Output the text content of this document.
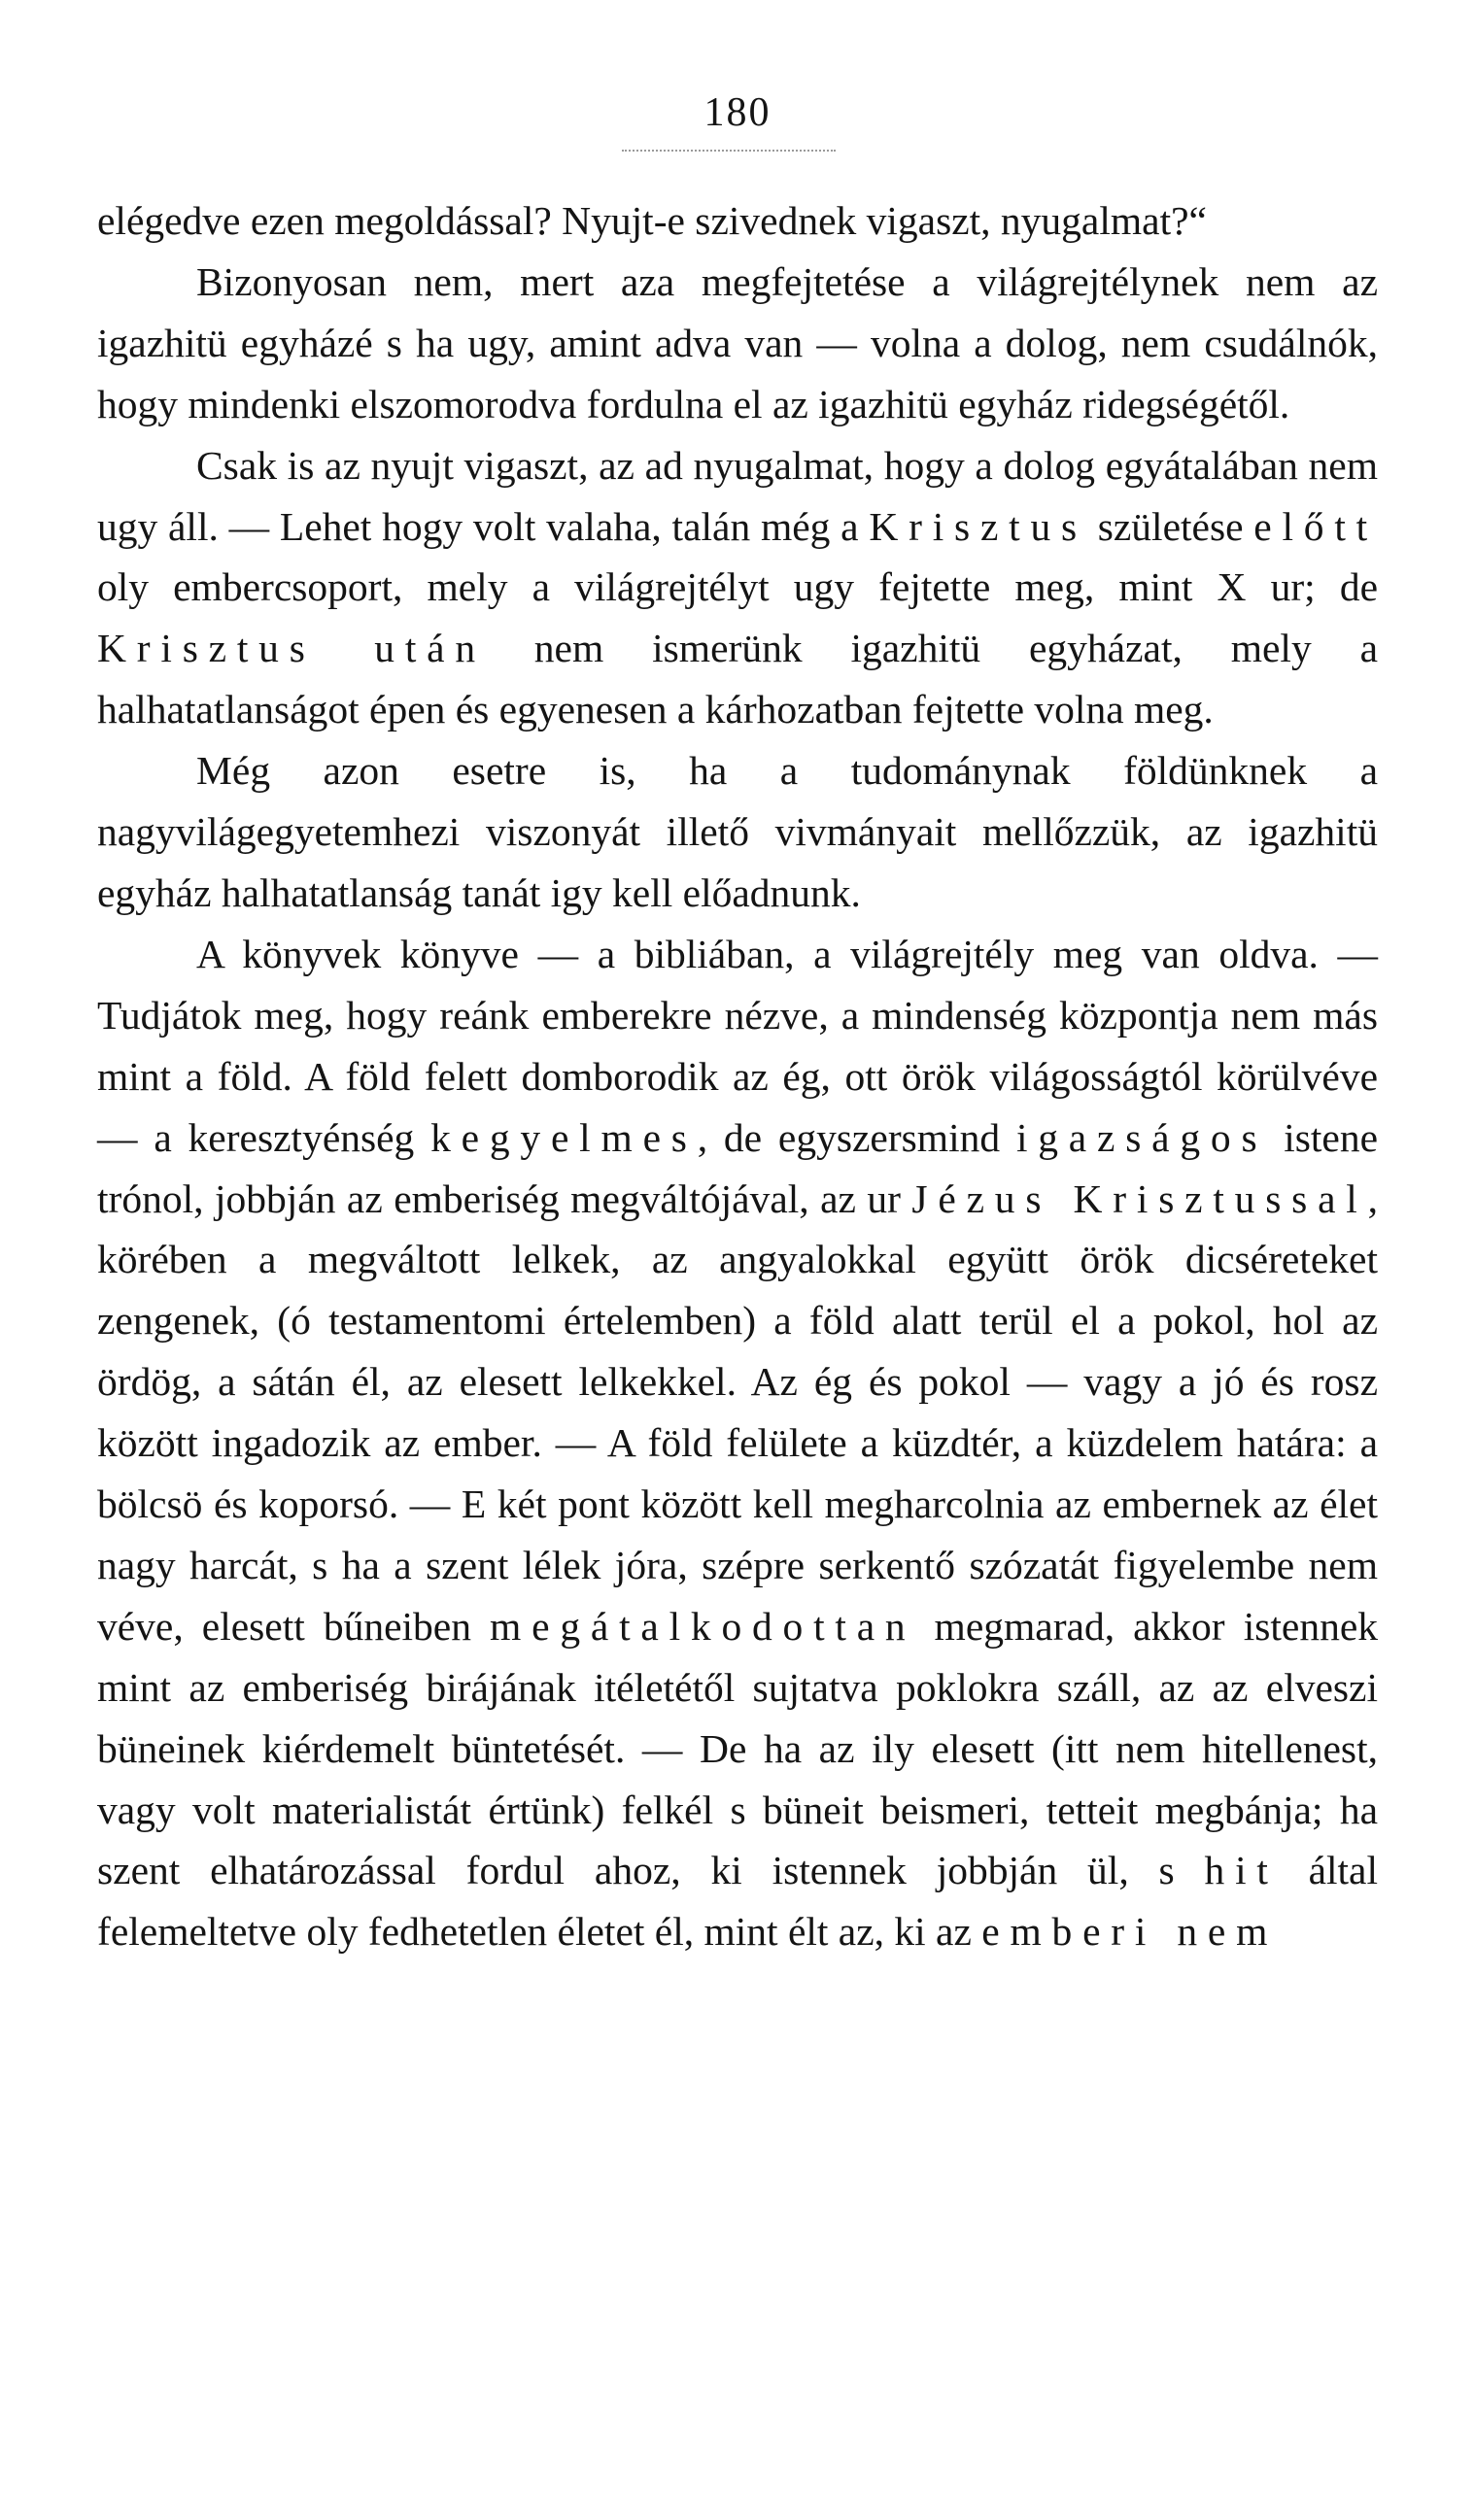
180

elégedve ezen megoldással? Nyujt-e szivednek vigaszt, nyugalmat?“

Bizonyosan nem, mert aza megfejtetése a világrejtélynek nem az igazhitü egyházé s ha ugy, amint adva van — volna a dolog, nem csudálnók, hogy mindenki elszomorodva fordulna el az igazhitü egyház ridegségétől.

Csak is az nyujt vigaszt, az ad nyugalmat, hogy a dolog egyátalában nem ugy áll. — Lehet hogy volt valaha, talán még a Krisztus születése előtt oly embercsoport, mely a világrejtélyt ugy fejtette meg, mint X ur; de Krisztus után nem ismerünk igazhitü egyházat, mely a halhatatlanságot épen és egyenesen a kárhozatban fejtette volna meg.

Még azon esetre is, ha a tudománynak földünknek a nagyvilágegyetemhezi viszonyát illető vivmányait mellőzzük, az igazhitü egyház halhatatlanság tanát igy kell előadnunk.

A könyvek könyve — a bibliában, a világrejtély meg van oldva. — Tudjátok meg, hogy reánk emberekre nézve, a mindenség központja nem más mint a föld. A föld felett domborodik az ég, ott örök világosságtól körülvéve — a keresztyénség kegyelmes, de egyszersmind igazságos istene trónol, jobbján az emberiség megváltójával, az ur Jézus Krisztussal, körében a megváltott lelkek, az angyalokkal együtt örök dicséreteket zengenek, (ó testamentomi értelemben) a föld alatt terül el a pokol, hol az ördög, a sátán él, az elesett lelkekkel. Az ég és pokol — vagy a jó és rosz között ingadozik az ember. — A föld felülete a küzdtér, a küzdelem határa: a bölcsö és koporsó. — E két pont között kell megharcolnia az embernek az élet nagy harcát, s ha a szent lélek jóra, szépre serkentő szózatát figyelembe nem véve, elesett bűneiben megátalkodottan megmarad, akkor istennek mint az emberiség birájának itéletétől sujtatva poklokra száll, az az elveszi büneinek kiérdemelt büntetését. — De ha az ily elesett (itt nem hitellenest, vagy volt materialistát értünk) felkél s büneit beismeri, tetteit megbánja; ha szent elhatározással fordul ahoz, ki istennek jobbján ül, s hit által felemeltetve oly fedhetetlen életet él, mint élt az, ki az emberi nem
